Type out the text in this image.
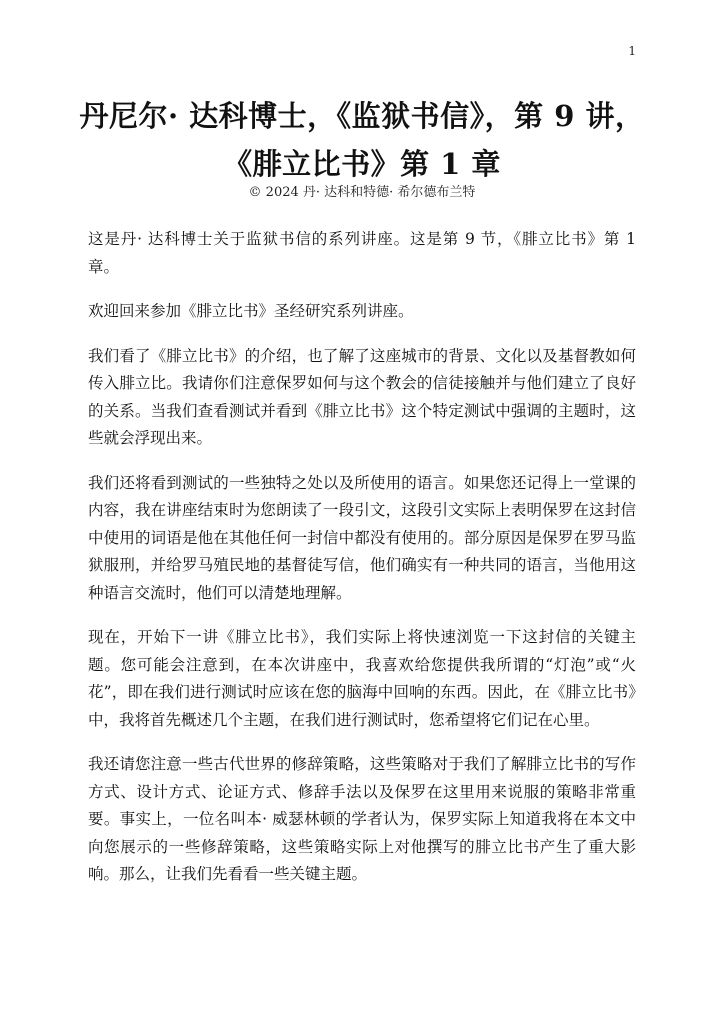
1
丹尼尔· 达科博士，《监狱书信》，第 9 讲，
《腓立比书》第 1 章
© 2024 丹· 达科和特德· 希尔德布兰特

这是丹· 达科博士关于监狱书信的系列讲座。这是第 9 节，《腓立比书》第 1 章。

欢迎回来参加《腓立比书》圣经研究系列讲座。

我们看了《腓立比书》的介绍，也了解了这座城市的背景、文化以及基督教如何传入腓立比。我请你们注意保罗如何与这个教会的信徒接触并与他们建立了良好的关系。当我们查看测试并看到《腓立比书》这个特定测试中强调的主题时，这些就会浮现出来。

我们还将看到测试的一些独特之处以及所使用的语言。如果您还记得上一堂课的内容，我在讲座结束时为您朗读了一段引文，这段引文实际上表明保罗在这封信中使用的词语是他在其他任何一封信中都没有使用的。部分原因是保罗在罗马监狱服刑，并给罗马殖民地的基督徒写信，他们确实有一种共同的语言，当他用这种语言交流时，他们可以清楚地理解。

现在，开始下一讲《腓立比书》，我们实际上将快速浏览一下这封信的关键主题。您可能会注意到，在本次讲座中，我喜欢给您提供我所谓的“灯泡”或“火花”，即在我们进行测试时应该在您的脑海中回响的东西。因此，在《腓立比书》中，我将首先概述几个主题，在我们进行测试时，您希望将它们记在心里。

我还请您注意一些古代世界的修辞策略，这些策略对于我们了解腓立比书的写作方式、设计方式、论证方式、修辞手法以及保罗在这里用来说服的策略非常重要。事实上，一位名叫本· 威瑟林顿的学者认为，保罗实际上知道我将在本文中向您展示的一些修辞策略，这些策略实际上对他撰写的腓立比书产生了重大影响。那么，让我们先看看一些关键主题。
